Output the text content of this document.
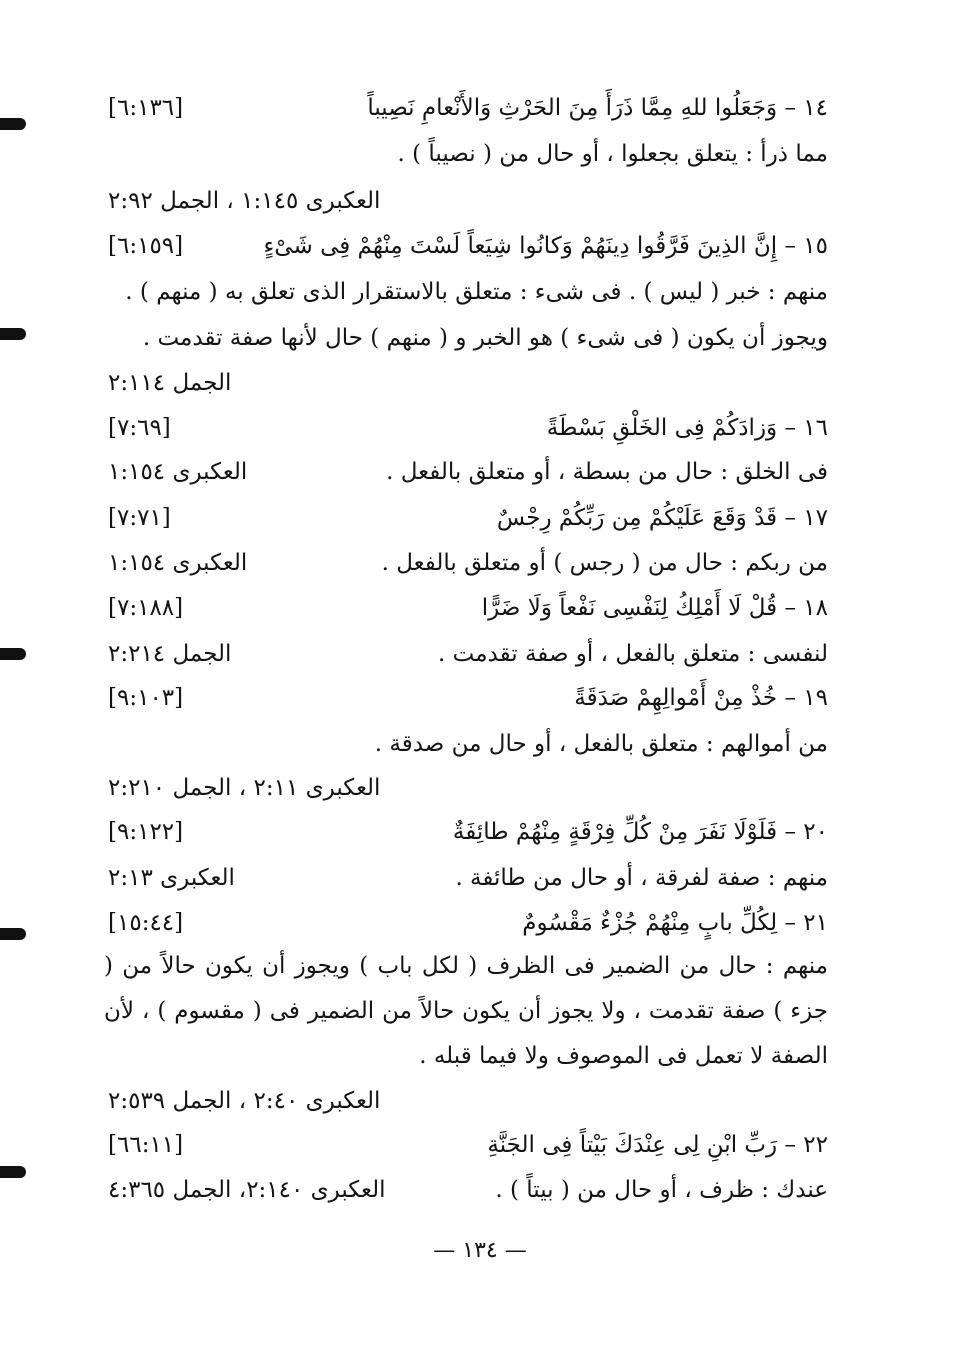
١٤ – وَجَعَلُوا للهِ مِمَّا ذَرَأَ مِنَ الحَرْثِ وَالأَنْعامِ نَصِيباً
[٦:١٣٦]
مما ذرأ : يتعلق بجعلوا ، أو حال من ( نصيباً ) .
العكبرى ١:١٤٥ ، الجمل ٢:٩٢
١٥ – إِنَّ الذِينَ فَرَّقُوا دِينَهُمْ وَكانُوا شِيَعاً لَسْتَ مِنْهُمْ فِى شَىْءٍ
[٦:١٥٩]
منهم : خبر ( ليس ) . فى شىء : متعلق بالاستقرار الذى تعلق به ( منهم ) .
ويجوز أن يكون ( فى شىء ) هو الخبر و ( منهم ) حال لأنها صفة تقدمت .
الجمل ٢:١١٤
١٦ – وَزادَكُمْ فِى الخَلْقِ بَسْطَةً
[٧:٦٩]
فى الخلق : حال من بسطة ، أو متعلق بالفعل .
العكبرى ١:١٥٤
١٧ – قَدْ وَقَعَ عَلَيْكُمْ مِن رَبِّكُمْ رِجْسٌ
[٧:٧١]
من ربكم : حال من ( رجس ) أو متعلق بالفعل .
العكبرى ١:١٥٤
١٨ – قُلْ لَا أَمْلِكُ لِنَفْسِى نَفْعاً وَلَا ضَرًّا
[٧:١٨٨]
لنفسى : متعلق بالفعل ، أو صفة تقدمت .
الجمل ٢:٢١٤
١٩ – خُذْ مِنْ أَمْوالِهِمْ صَدَقَةً
[٩:١٠٣]
من أموالهم : متعلق بالفعل ، أو حال من صدقة .
العكبرى ٢:١١ ، الجمل ٢:٢١٠
٢٠ – فَلَوْلَا نَفَرَ مِنْ كُلِّ فِرْقَةٍ مِنْهُمْ طائِفَةٌ
[٩:١٢٢]
منهم : صفة لفرقة ، أو حال من طائفة .
العكبرى ٢:١٣
٢١ – لِكُلِّ بابٍ مِنْهُمْ جُزْءٌ مَقْسُومٌ
[١٥:٤٤]
منهم : حال من الضمير فى الظرف ( لكل باب ) ويجوز أن يكون حالاً من ( جزء ) صفة تقدمت ، ولا يجوز أن يكون حالاً من الضمير فى ( مقسوم ) ، لأن الصفة لا تعمل فى الموصوف ولا فيما قبله .
العكبرى ٢:٤٠ ، الجمل ٢:٥٣٩
٢٢ – رَبِّ ابْنِ لِى عِنْدَكَ بَيْتاً فِى الجَنَّةِ
[٦٦:١١]
عندك : ظرف ، أو حال من ( بيتاً ) .
العكبرى ٢:١٤٠، الجمل ٤:٣٦٥
— ١٣٤ —
